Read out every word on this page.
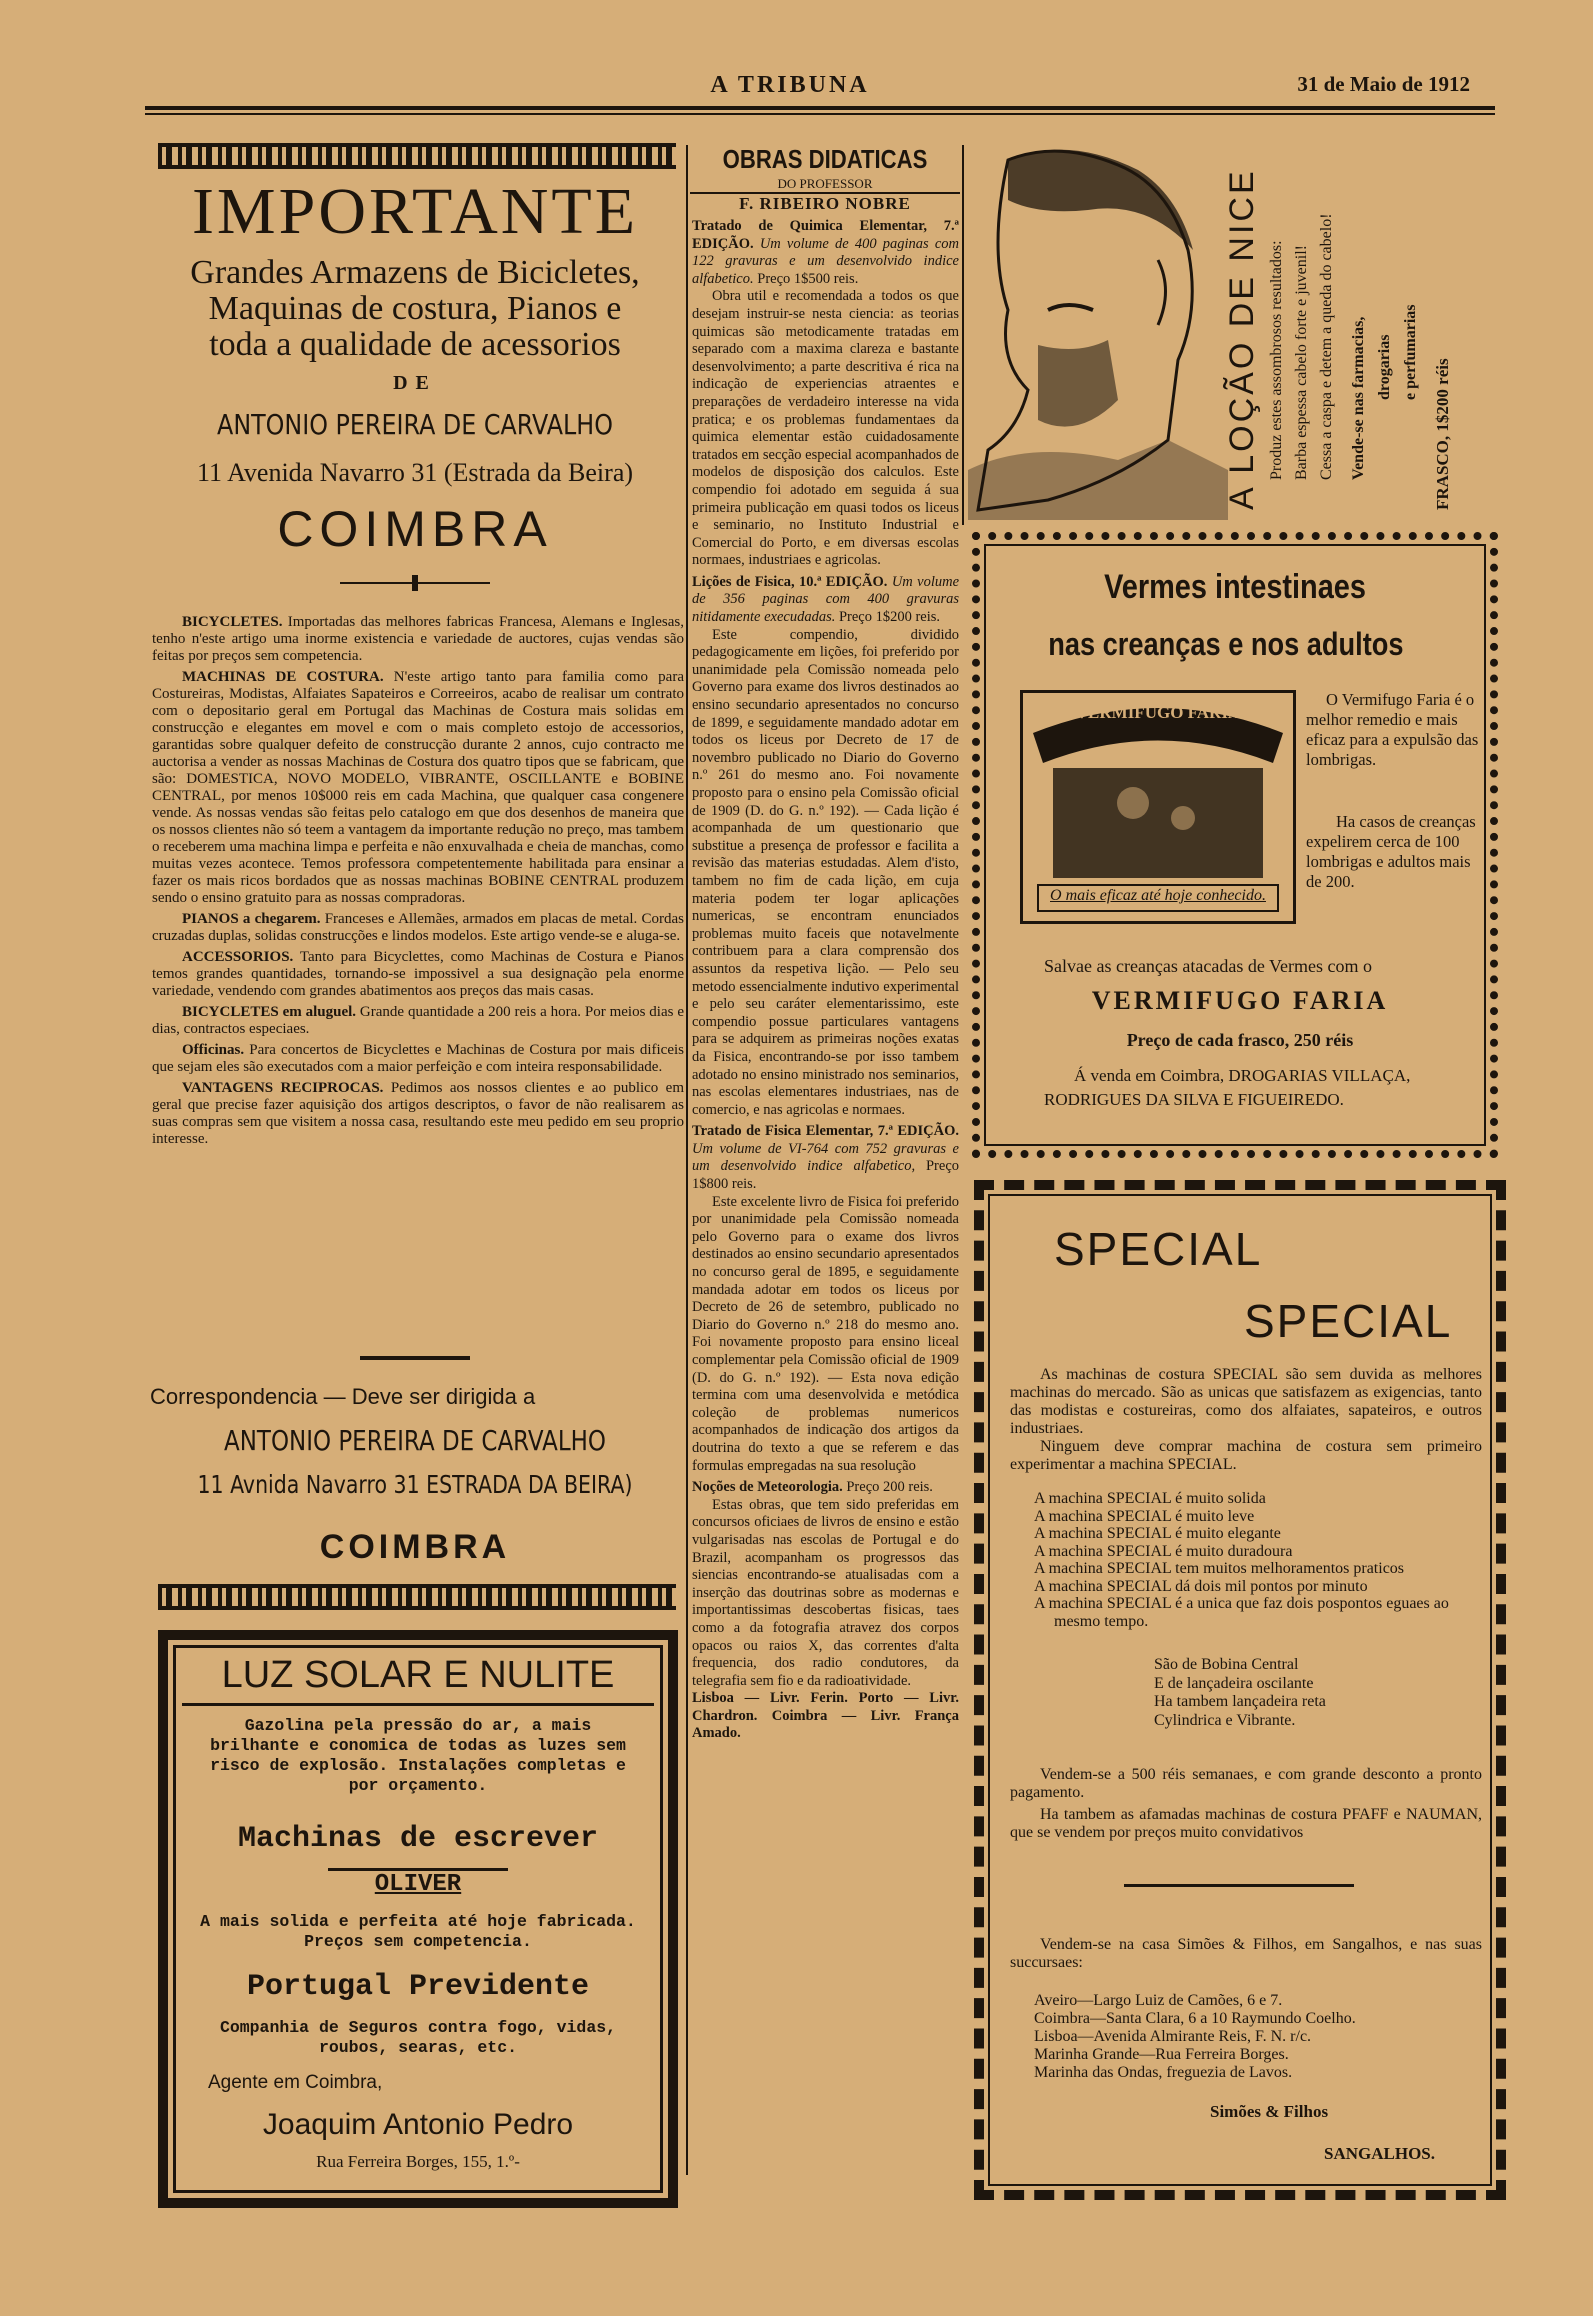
A TRIBUNA	31 de Maio de 1912
IMPORTANTE
Grandes Armazens de Bicicletes,
Maquinas de costura, Pianos e
toda a qualidade de acessorios
DE
ANTONIO PEREIRA DE CARVALHO
11 Avenida Navarro 31 (Estrada da Beira)
COIMBRA

BICYCLETES. Importadas das melhores fabricas Francesa, Alemans e Inglesas, tenho n'este artigo uma inorme existencia e variedade de auctores, cujas vendas são feitas por preços sem competencia.

MACHINAS DE COSTURA. N'este artigo tanto para familia como para Costureiras, Modistas, Alfaiates Sapateiros e Correeiros, acabo de realisar um contrato com o depositario geral em Portugal das Machinas de Costura mais solidas em construcção e elegantes em movel e com o mais completo estojo de accessorios, garantidas sobre qualquer defeito de construcção durante 2 annos, cujo contracto me auctorisa a vender as nossas Machinas de Costura dos quatro tipos que se fabricam, que são: DOMESTICA, NOVO MODELO, VIBRANTE, OSCILLANTE e BOBINE CENTRAL, por menos 10$000 reis em cada Machina, que qualquer casa congenere vende. As nossas vendas são feitas pelo catalogo em que dos desenhos de maneira que os nossos clientes não só teem a vantagem da importante redução no preço, mas tambem o receberem uma machina limpa e perfeita e não enxuvalhada e cheia de manchas, como muitas vezes acontece. Temos professora competentemente habilitada para ensinar a fazer os mais ricos bordados que as nossas machinas BOBINE CENTRAL produzem sendo o ensino gratuito para as nossas compradoras.

PIANOS a chegarem. Franceses e Allemães, armados em placas de metal. Cordas cruzadas duplas, solidas construcções e lindos modelos. Este artigo vende-se e aluga-se.

ACCESSORIOS. Tanto para Bicyclettes, como Machinas de Costura e Pianos temos grandes quantidades, tornando-se impossivel a sua designação pela enorme variedade, vendendo com grandes abatimentos aos preços das mais casas.

BICYCLETES em aluguel. Grande quantidade a 200 reis a hora. Por meios dias e dias, contractos especiaes.

Officinas. Para concertos de Bicyclettes e Machinas de Costura por mais dificeis que sejam eles são executados com a maior perfeição e com inteira responsabilidade.

VANTAGENS RECIPROCAS. Pedimos aos nossos clientes e ao publico em geral que precise fazer aquisição dos artigos descriptos, o favor de não realisarem as suas compras sem que visitem a nossa casa, resultando este meu pedido em seu proprio interesse.

Correspondencia — Deve ser dirigida a
ANTONIO PEREIRA DE CARVALHO
11 Avnida Navarro 31 ESTRADA DA BEIRA)
COIMBRA
LUZ SOLAR E NULITE
Gazolina pela pressão do ar, a mais brilhante e conomica de todas as luzes sem risco de explosão. Instalações completas e por orçamento.
Machinas de escrever
OLIVER
A mais solida e perfeita até hoje fabricada. Preços sem competencia.
Portugal Previdente
Companhia de Seguros contra fogo, vidas, roubos, searas, etc.
Agente em Coimbra,
Joaquim Antonio Pedro
Rua Ferreira Borges, 155, 1.º-
OBRAS DIDATICAS
DO PROFESSOR
F. RIBEIRO NOBRE

Tratado de Quimica Elementar, 7.ª EDIÇÃO. Um volume de 400 paginas com 122 gravuras e um desenvolvido indice alfabetico. Preço 1$500 reis.

Obra util e recomendada a todos os que desejam instruir-se nesta ciencia: as teorias quimicas são metodicamente tratadas em separado com a maxima clareza e bastante desenvolvimento; a parte descritiva é rica na indicação de experiencias atraentes e preparações de verdadeiro interesse na vida pratica; e os problemas fundamentaes da quimica elementar estão cuidadosamente tratados em secção especial acompanhados de modelos de disposição dos calculos. Este compendio foi adotado em seguida á sua primeira publicação em quasi todos os liceus e seminario, no Instituto Industrial e Comercial do Porto, e em diversas escolas normaes, industriaes e agricolas.

Lições de Fisica, 10.ª EDIÇÃO. Um volume de 356 paginas com 400 gravuras nitidamente execudadas. Preço 1$200 reis.

Este compendio, dividido pedagogicamente em lições, foi preferido por unanimidade pela Comissão nomeada pelo Governo para exame dos livros destinados ao ensino secundario apresentados no concurso de 1899, e seguidamente mandado adotar em todos os liceus por Decreto de 17 de novembro publicado no Diario do Governo n.º 261 do mesmo ano. Foi novamente proposto para o ensino pela Comissão oficial de 1909 (D. do G. n.º 192). — Cada lição é acompanhada de um questionario que substitue a presença de professor e facilita a revisão das materias estudadas. Alem d'isto, tambem no fim de cada lição, em cuja materia podem ter logar aplicações numericas, se encontram enunciados problemas muito faceis que notavelmente contribuem para a clara comprensão dos assuntos da respetiva lição. — Pelo seu metodo essencialmente indutivo experimental e pelo seu caráter elementarissimo, este compendio possue particulares vantagens para se adquirem as primeiras noções exatas da Fisica, encontrando-se por isso tambem adotado no ensino ministrado nos seminarios, nas escolas elementares industriaes, nas de comercio, e nas agricolas e normaes.

Tratado de Fisica Elementar, 7.ª EDIÇÃO. Um volume de VI-764 com 752 gravuras e um desenvolvido indice alfabetico, Preço 1$800 reis.

Este excelente livro de Fisica foi preferido por unanimidade pela Comissão nomeada pelo Governo para o exame dos livros destinados ao ensino secundario apresentados no concurso geral de 1895, e seguidamente mandada adotar em todos os liceus por Decreto de 26 de setembro, publicado no Diario do Governo n.º 218 do mesmo ano. Foi novamente proposto para ensino liceal complementar pela Comissão oficial de 1909 (D. do G. n.º 192). — Esta nova edição termina com uma desenvolvida e metódica coleção de problemas numericos acompanhados de indicação dos artigos da doutrina do texto a que se referem e das formulas empregadas na sua resolução

Noções de Meteorologia. Preço 200 reis.

Estas obras, que tem sido preferidas em concursos oficiaes de livros de ensino e estão vulgarisadas nas escolas de Portugal e do Brazil, acompanham os progressos das siencias encontrando-se atualisadas com a inserção das doutrinas sobre as modernas e importantissimas descobertas fisicas, taes como a da fotografia atravez dos corpos opacos ou raios X, das correntes d'alta frequencia, dos radio condutores, da telegrafia sem fio e da radioatividade.

Lisboa — Livr. Ferin. Porto — Livr. Chardron. Coimbra — Livr. França Amado.

A LOÇÃO DE NICE Produz estes assombrosos resultados: Barba espessa cabelo forte e juvenil! Cessa a caspa e detem a queda do cabelo! Vende-se nas farmacias, drogarias e perfumarias
FRASCO, 1$200 réis
Vermes intestinaes
nas creanças e nos adultos
VERMIFUGO FARIA
O mais eficaz até hoje conhecido.
O Vermifugo Faria é o melhor remedio e mais eficaz para a expulsão das lombrigas.
Ha casos de creanças expelirem cerca de 100 lombrigas e adultos mais de 200.
Salvae as creanças atacadas de Vermes com o
VERMIFUGO FARIA
Preço de cada frasco, 250 réis
Á venda em Coimbra, DROGARIAS VILLAÇA, RODRIGUES DA SILVA E FIGUEIREDO.
SPECIAL
SPECIAL
As machinas de costura SPECIAL são sem duvida as melhores machinas do mercado. São as unicas que satisfazem as exigencias, tanto das modistas e costureiras, como dos alfaiates, sapateiros, e outros industriaes.
Ninguem deve comprar machina de costura sem primeiro experimentar a machina SPECIAL.
A machina SPECIAL é muito solida
A machina SPECIAL é muito leve
A machina SPECIAL é muito elegante
A machina SPECIAL é muito duradoura
A machina SPECIAL tem muitos melhoramentos praticos
A machina SPECIAL dá dois mil pontos por minuto
A machina SPECIAL é a unica que faz dois pospontos eguaes ao mesmo tempo.
São de Bobina Central
E de lançadeira oscilante
Ha tambem lançadeira reta
Cylindrica e Vibrante.
Vendem-se a 500 réis semanaes, e com grande desconto a pronto pagamento.
Ha tambem as afamadas machinas de costura PFAFF e NAUMAN, que se vendem por preços muito convidativos
Vendem-se na casa Simões & Filhos, em Sangalhos, e nas suas succursaes:
Aveiro—Largo Luiz de Camões, 6 e 7.
Coimbra—Santa Clara, 6 a 10 Raymundo Coelho.
Lisboa—Avenida Almirante Reis, F. N. r/c.
Marinha Grande—Rua Ferreira Borges.
Marinha das Ondas, freguezia de Lavos.
Simões & Filhos
SANGALHOS.
